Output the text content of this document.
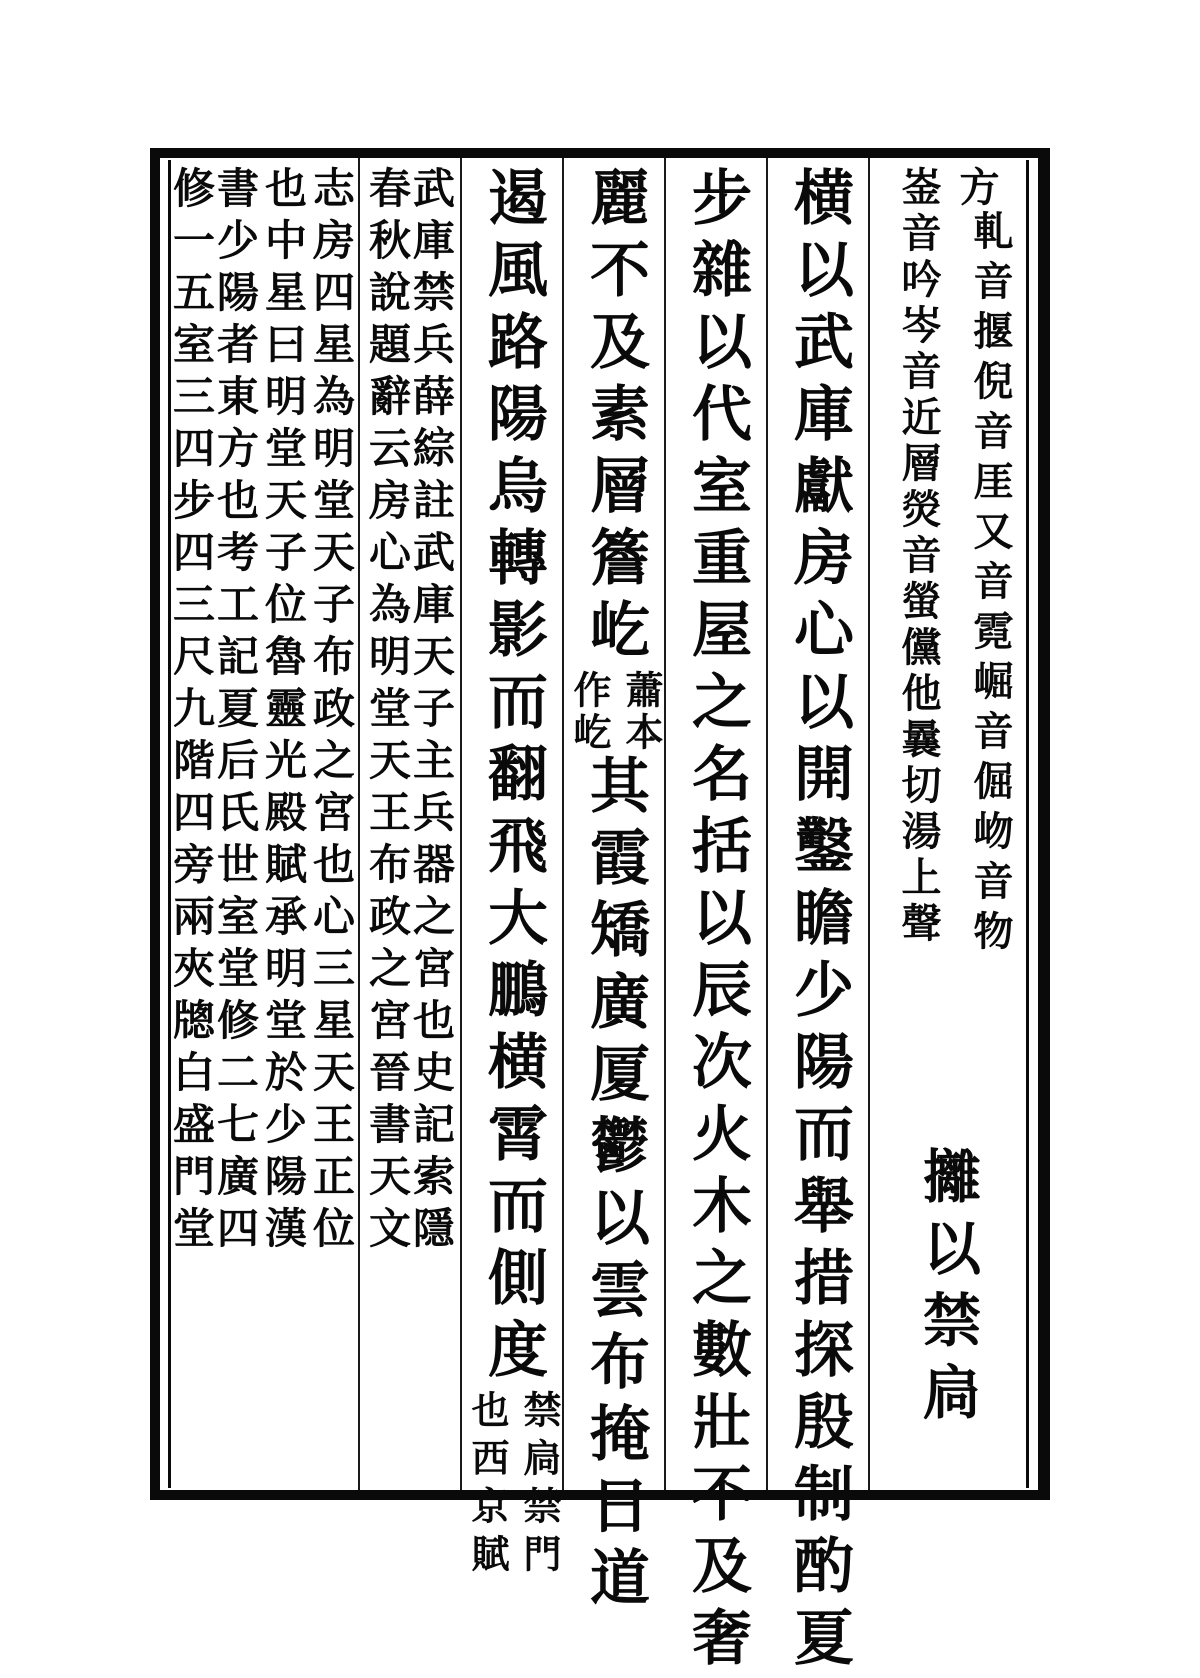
方
軋音揠倪音厓又音霓崛音倔岉音物
崟音吟岑音近層熒音螢儻他曩切湯上聲
攡以禁扃
横以武庫獻房心以開鑿瞻少陽而舉措探殷制酌夏
步雜以代室重屋之名括以辰次火木之數壯不及奢
麗不及素層簷屹
蕭本
作屹
其霞矯廣厦鬱以雲布掩日道
遏風路陽烏轉影而翻飛大鵬横霄而側度
禁扃禁門
也西京賦
武庫禁兵薛綜註武庫天子主兵器之宮也史記索隱
春秋說題辭云房心為明堂天王布政之宮晉書天文
志房四星為明堂天子布政之宮也心三星天王正位
也中星曰明堂天子位魯靈光殿賦承明堂於少陽漢
書少陽者東方也考工記夏后氏世室堂修二七廣四
修一五室三四步四三尺九階四旁兩夾牕白盛門堂
